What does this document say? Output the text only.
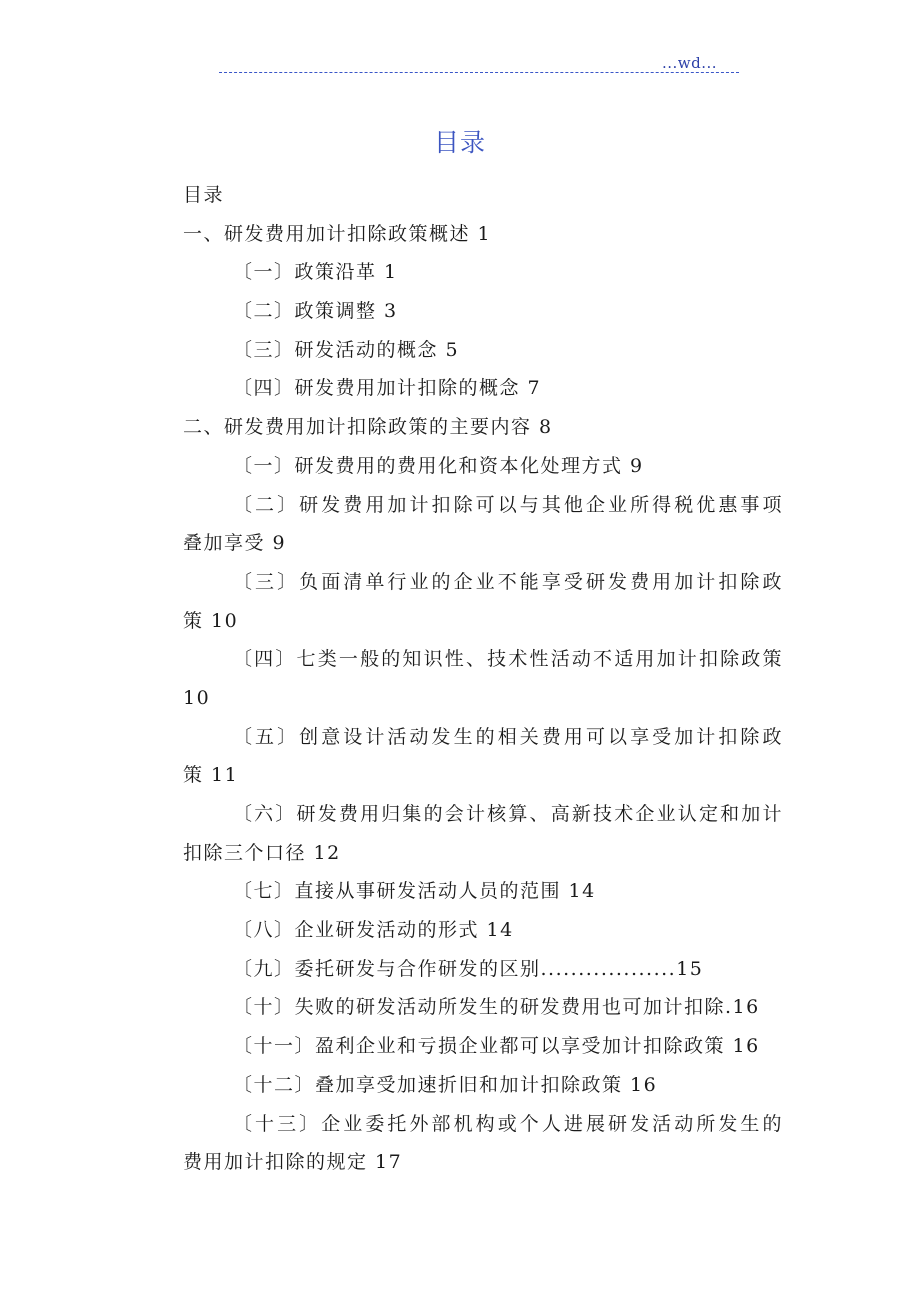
...wd...
目录
目录
一、研发费用加计扣除政策概述 1
〔一〕政策沿革 1
〔二〕政策调整 3
〔三〕研发活动的概念 5
〔四〕研发费用加计扣除的概念 7
二、研发费用加计扣除政策的主要内容 8
〔一〕研发费用的费用化和资本化处理方式 9
〔二〕研发费用加计扣除可以与其他企业所得税优惠事项
叠加享受 9
〔三〕负面清单行业的企业不能享受研发费用加计扣除政
策 10
〔四〕七类一般的知识性、技术性活动不适用加计扣除政策
10
〔五〕创意设计活动发生的相关费用可以享受加计扣除政
策 11
〔六〕研发费用归集的会计核算、高新技术企业认定和加计
扣除三个口径 12
〔七〕直接从事研发活动人员的范围 14
〔八〕企业研发活动的形式 14
〔九〕委托研发与合作研发的区别..................15
〔十〕失败的研发活动所发生的研发费用也可加计扣除.16
〔十一〕盈利企业和亏损企业都可以享受加计扣除政策 16
〔十二〕叠加享受加速折旧和加计扣除政策 16
〔十三〕企业委托外部机构或个人进展研发活动所发生的
费用加计扣除的规定 17
